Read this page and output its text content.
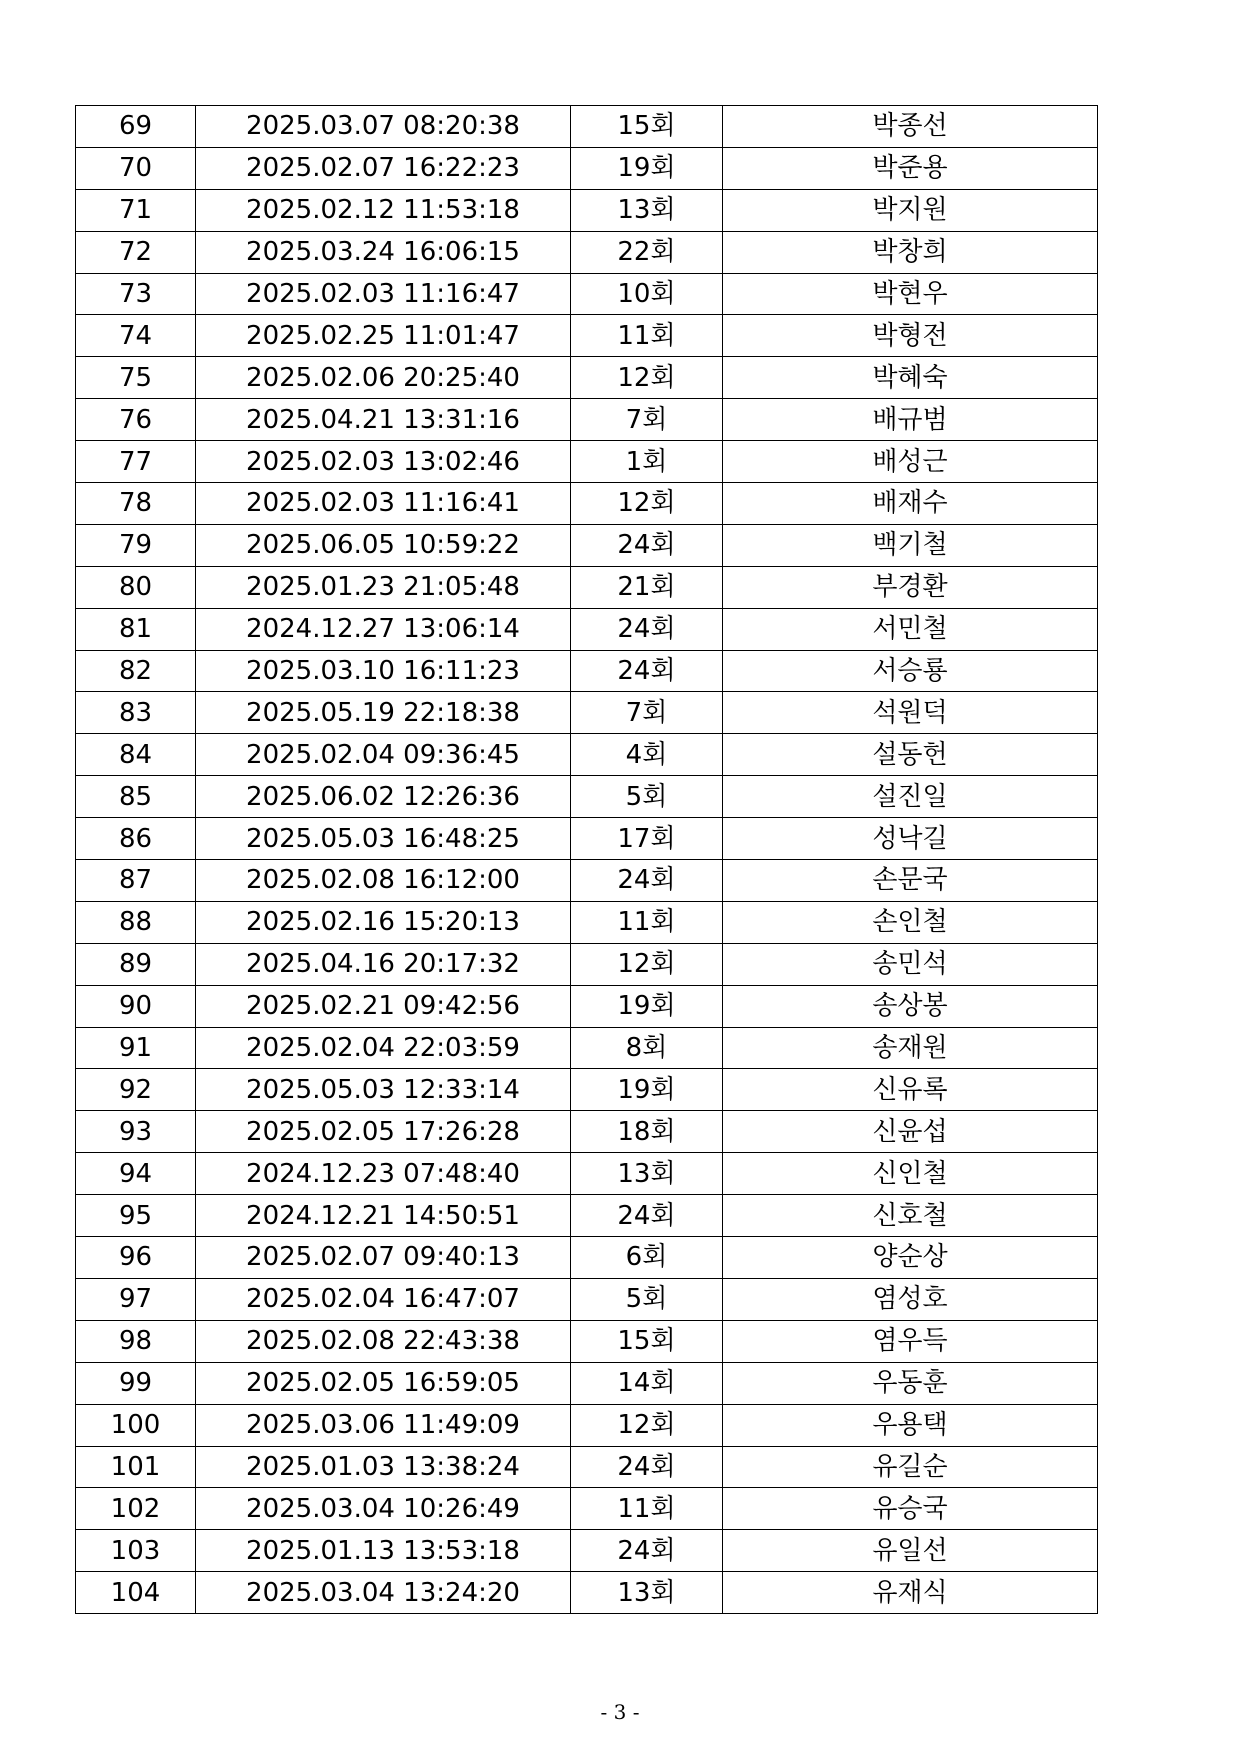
69	2025.03.07 08:20:38	15회	박종선
70	2025.02.07 16:22:23	19회	박준용
71	2025.02.12 11:53:18	13회	박지원
72	2025.03.24 16:06:15	22회	박창희
73	2025.02.03 11:16:47	10회	박현우
74	2025.02.25 11:01:47	11회	박형전
75	2025.02.06 20:25:40	12회	박혜숙
76	2025.04.21 13:31:16	7회	배규범
77	2025.02.03 13:02:46	1회	배성근
78	2025.02.03 11:16:41	12회	배재수
79	2025.06.05 10:59:22	24회	백기철
80	2025.01.23 21:05:48	21회	부경환
81	2024.12.27 13:06:14	24회	서민철
82	2025.03.10 16:11:23	24회	서승룡
83	2025.05.19 22:18:38	7회	석원덕
84	2025.02.04 09:36:45	4회	설동헌
85	2025.06.02 12:26:36	5회	설진일
86	2025.05.03 16:48:25	17회	성낙길
87	2025.02.08 16:12:00	24회	손문국
88	2025.02.16 15:20:13	11회	손인철
89	2025.04.16 20:17:32	12회	송민석
90	2025.02.21 09:42:56	19회	송상봉
91	2025.02.04 22:03:59	8회	송재원
92	2025.05.03 12:33:14	19회	신유록
93	2025.02.05 17:26:28	18회	신윤섭
94	2024.12.23 07:48:40	13회	신인철
95	2024.12.21 14:50:51	24회	신호철
96	2025.02.07 09:40:13	6회	양순상
97	2025.02.04 16:47:07	5회	염성호
98	2025.02.08 22:43:38	15회	염우득
99	2025.02.05 16:59:05	14회	우동훈
100	2025.03.06 11:49:09	12회	우용택
101	2025.01.03 13:38:24	24회	유길순
102	2025.03.04 10:26:49	11회	유승국
103	2025.01.13 13:53:18	24회	유일선
104	2025.03.04 13:24:20	13회	유재식
- 3 -
